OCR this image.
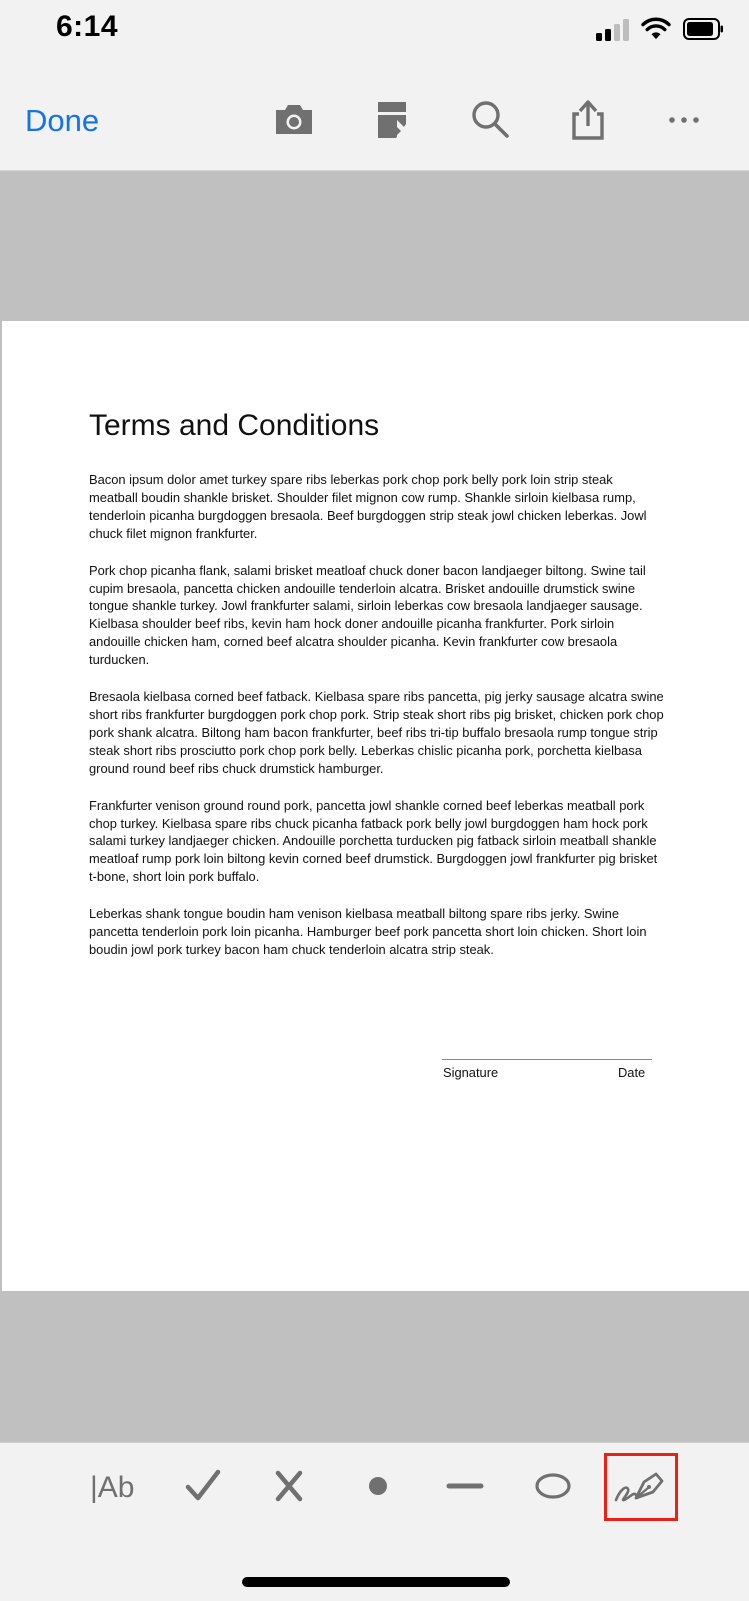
6:14
Done
Terms and Conditions

Bacon ipsum dolor amet turkey spare ribs leberkas pork chop pork belly pork loin strip steak meatball boudin shankle brisket. Shoulder filet mignon cow rump. Shankle sirloin kielbasa rump, tenderloin picanha burgdoggen bresaola. Beef burgdoggen strip steak jowl chicken leberkas. Jowl chuck filet mignon frankfurter.

Pork chop picanha flank, salami brisket meatloaf chuck doner bacon landjaeger biltong. Swine tail cupim bresaola, pancetta chicken andouille tenderloin alcatra. Brisket andouille drumstick swine tongue shankle turkey. Jowl frankfurter salami, sirloin leberkas cow bresaola landjaeger sausage. Kielbasa shoulder beef ribs, kevin ham hock doner andouille picanha frankfurter. Pork sirloin andouille chicken ham, corned beef alcatra shoulder picanha. Kevin frankfurter cow bresaola turducken.

Bresaola kielbasa corned beef fatback. Kielbasa spare ribs pancetta, pig jerky sausage alcatra swine short ribs frankfurter burgdoggen pork chop pork. Strip steak short ribs pig brisket, chicken pork chop pork shank alcatra. Biltong ham bacon frankfurter, beef ribs tri-tip buffalo bresaola rump tongue strip steak short ribs prosciutto pork chop pork belly. Leberkas chislic picanha pork, porchetta kielbasa ground round beef ribs chuck drumstick hamburger.

Frankfurter venison ground round pork, pancetta jowl shankle corned beef leberkas meatball pork chop turkey. Kielbasa spare ribs chuck picanha fatback pork belly jowl burgdoggen ham hock pork salami turkey landjaeger chicken. Andouille porchetta turducken pig fatback sirloin meatball shankle meatloaf rump pork loin biltong kevin corned beef drumstick. Burgdoggen jowl frankfurter pig brisket t-bone, short loin pork buffalo.

Leberkas shank tongue boudin ham venison kielbasa meatball biltong spare ribs jerky. Swine pancetta tenderloin pork loin picanha. Hamburger beef pork pancetta short loin chicken. Short loin boudin jowl pork turkey bacon ham chuck tenderloin alcatra strip steak.

Signature	Date
|Ab
